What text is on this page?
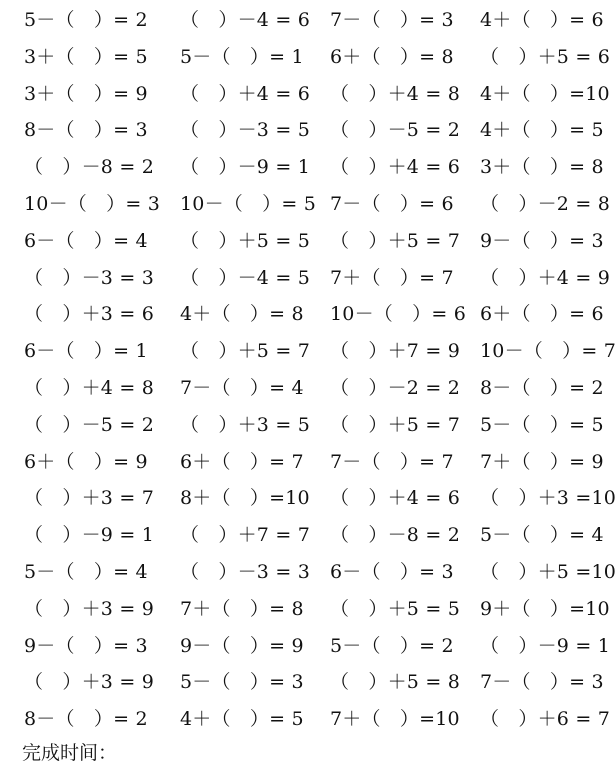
5－（　）= 2	（　）－4 = 6	7－（　）= 3	4＋（　）= 6
3＋（　）= 5	5－（　）= 1	6＋（　）= 8	（　）＋5 = 6
3＋（　）= 9	（　）＋4 = 6	（　）＋4 = 8	4＋（　）=10
8－（　）= 3	（　）－3 = 5	（　）－5 = 2	4＋（　）= 5
（　）－8 = 2	（　）－9 = 1	（　）＋4 = 6	3＋（　）= 8
10－（　）= 3	10－（　）= 5 7－（　）= 6	（　）－2 = 8
6－（　）= 4	（　）＋5 = 5	（　）＋5 = 7	9－（　）= 3
（　）－3 = 3	（　）－4 = 5	7＋（　）= 7	（　）＋4 = 9
（　）＋3 = 6	4＋（　）= 8	10－（　）= 6 6＋（　）= 6
6－（　）= 1	（　）＋5 = 7	（　）＋7 = 9	10－（　）= 7
（　）＋4 = 8	7－（　）= 4	（　）－2 = 2	8－（　）= 2
（　）－5 = 2	（　）＋3 = 5	（　）＋5 = 7	5－（　）= 5
6＋（　）= 9	6＋（　）= 7	7－（　）= 7	7＋（　）= 9
（　）＋3 = 7	8＋（　）=10	（　）＋4 = 6	（　）＋3 =10
（　）－9 = 1	（　）＋7 = 7	（　）－8 = 2	5－（　）= 4
5－（　）= 4	（　）－3 = 3	6－（　）= 3	（　）＋5 =10
（　）＋3 = 9	7＋（　）= 8	（　）＋5 = 5	9＋（　）=10
9－（　）= 3	9－（　）= 9	5－（　）= 2	（　）－9 = 1
（　）＋3 = 9	5－（　）= 3	（　）＋5 = 8	7－（　）= 3
8－（　）= 2	4＋（　）= 5	7＋（　）=10	（　）＋6 = 7
完成时间：
